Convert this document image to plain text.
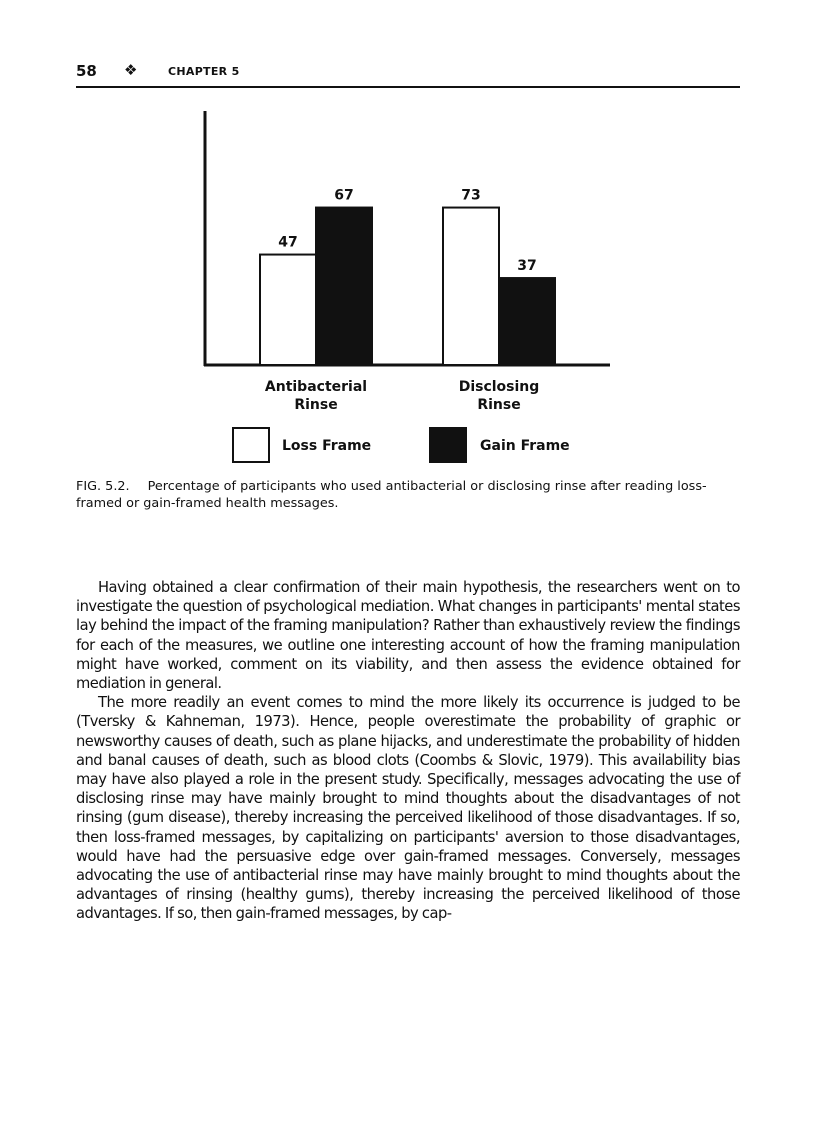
58 ❖	CHAPTER 5
47
67
Antibacterial
Rinse
73
37
Disclosing
Rinse
Loss Frame	Gain Frame
FIG. 5.2. Percentage of participants who used antibacterial or disclosing rinse after reading loss-framed or gain-framed health messages.

Having obtained a clear confirmation of their main hypothesis, the researchers went on to investigate the question of psychological mediation. What changes in participants' mental states lay behind the impact of the framing manipulation? Rather than exhaustively review the findings for each of the measures, we outline one interesting account of how the framing manipulation might have worked, comment on its viability, and then assess the evidence obtained for mediation in general.

The more readily an event comes to mind the more likely its occurrence is judged to be (Tversky & Kahneman, 1973). Hence, people overestimate the probability of graphic or newsworthy causes of death, such as plane hijacks, and underestimate the probability of hidden and banal causes of death, such as blood clots (Coombs & Slovic, 1979). This availability bias may have also played a role in the present study. Specifically, messages advocating the use of disclosing rinse may have mainly brought to mind thoughts about the disadvantages of not rinsing (gum disease), thereby increasing the perceived likelihood of those disadvantages. If so, then loss-framed messages, by capitalizing on participants' aversion to those disadvantages, would have had the persuasive edge over gain-framed messages. Conversely, messages advocating the use of antibacterial rinse may have mainly brought to mind thoughts about the advantages of rinsing (healthy gums), thereby increasing the perceived likelihood of those advantages. If so, then gain-framed messages, by cap-
